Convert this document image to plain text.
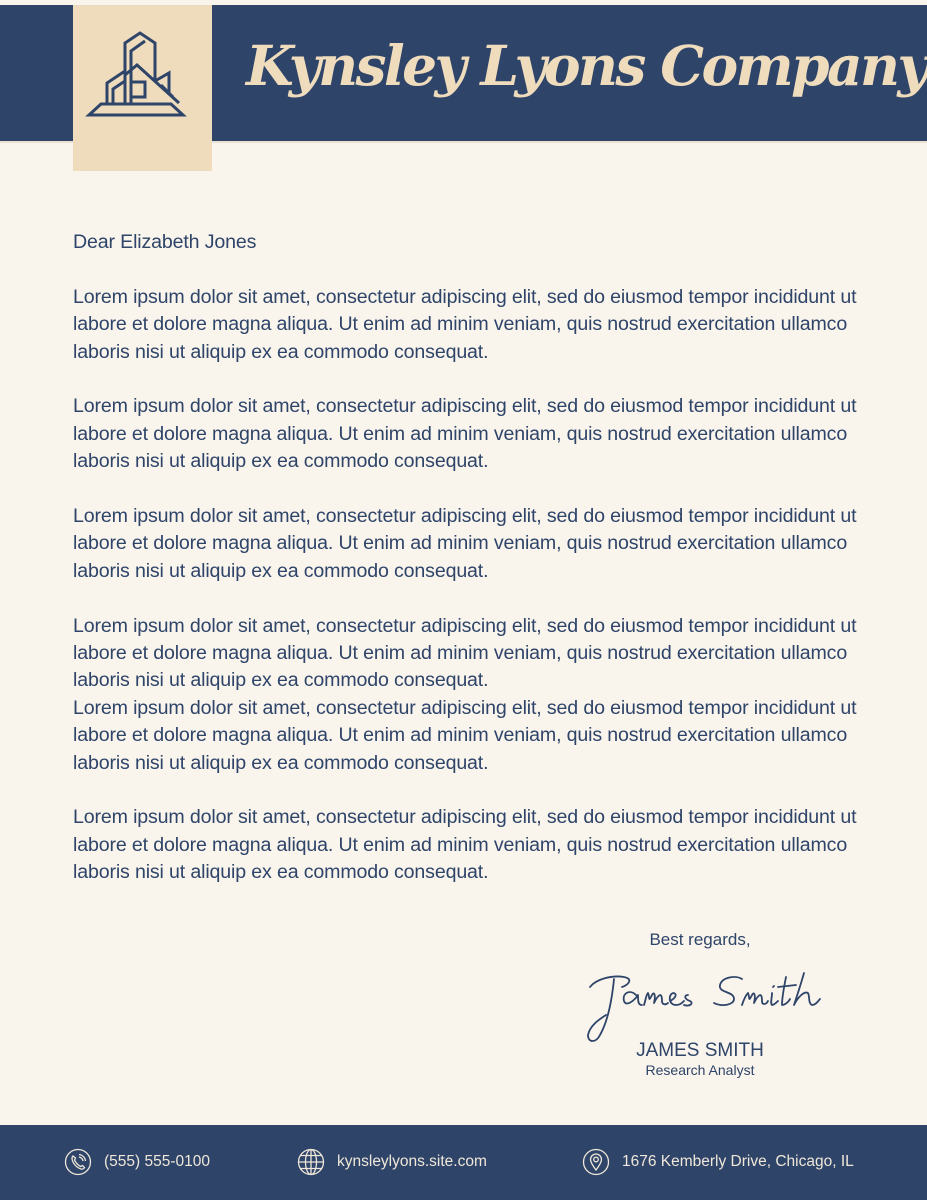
Kynsley Lyons Company
Dear Elizabeth Jones
Lorem ipsum dolor sit amet, consectetur adipiscing elit, sed do eiusmod tempor incididunt ut labore et dolore magna aliqua. Ut enim ad minim veniam, quis nostrud exercitation ullamco laboris nisi ut aliquip ex ea commodo consequat.
Lorem ipsum dolor sit amet, consectetur adipiscing elit, sed do eiusmod tempor incididunt ut labore et dolore magna aliqua. Ut enim ad minim veniam, quis nostrud exercitation ullamco laboris nisi ut aliquip ex ea commodo consequat.
Lorem ipsum dolor sit amet, consectetur adipiscing elit, sed do eiusmod tempor incididunt ut labore et dolore magna aliqua. Ut enim ad minim veniam, quis nostrud exercitation ullamco laboris nisi ut aliquip ex ea commodo consequat.
Lorem ipsum dolor sit amet, consectetur adipiscing elit, sed do eiusmod tempor incididunt ut labore et dolore magna aliqua. Ut enim ad minim veniam, quis nostrud exercitation ullamco laboris nisi ut aliquip ex ea commodo consequat.
Lorem ipsum dolor sit amet, consectetur adipiscing elit, sed do eiusmod tempor incididunt ut labore et dolore magna aliqua. Ut enim ad minim veniam, quis nostrud exercitation ullamco laboris nisi ut aliquip ex ea commodo consequat.
Lorem ipsum dolor sit amet, consectetur adipiscing elit, sed do eiusmod tempor incididunt ut labore et dolore magna aliqua. Ut enim ad minim veniam, quis nostrud exercitation ullamco laboris nisi ut aliquip ex ea commodo consequat.
Best regards,
JAMES SMITH
Research Analyst
(555) 555-0100	kynsleylyons.site.com	1676 Kemberly Drive, Chicago, IL
